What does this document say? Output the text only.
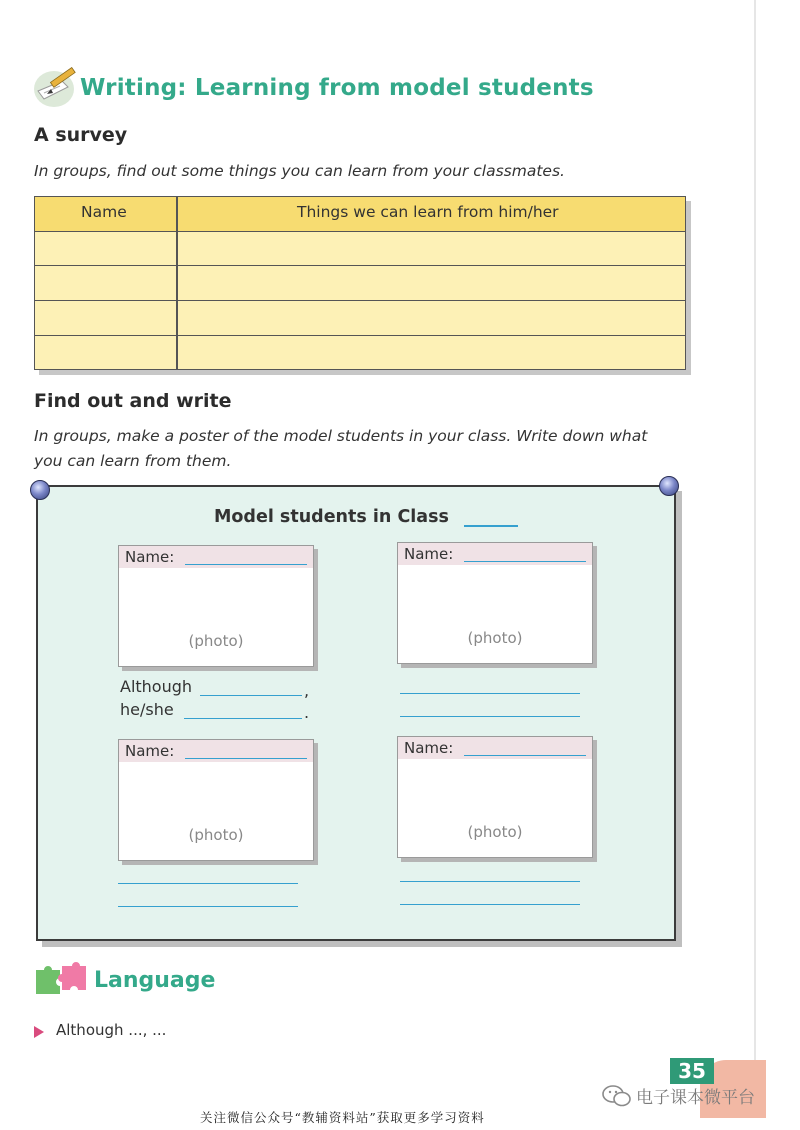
Writing: Learning from model students
A survey
In groups, find out some things you can learn from your classmates.
Name	Things we can learn from him/her
Find out and write
In groups, make a poster of the model students in your class. Write down what
you can learn from them.
Model students in Class
Name:
(photo)
Name:
(photo)
Although	,
he/she	.
Name:
(photo)
Name:
(photo)
Language
Although ..., ...
35
电子课本微平台
关注微信公众号“教辅资料站”获取更多学习资料
